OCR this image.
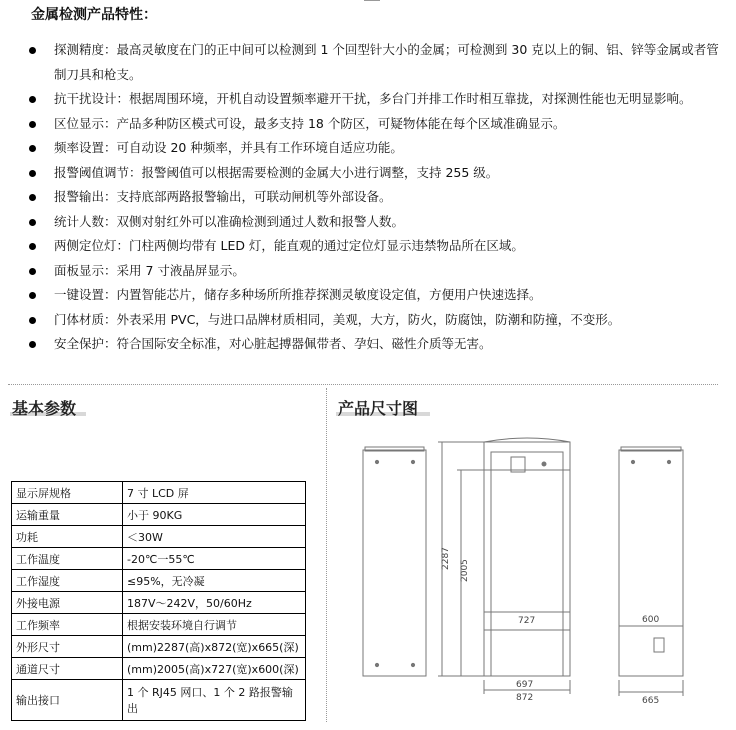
金属检测产品特性：
探测精度：最高灵敏度在门的正中间可以检测到 1 个回型针大小的金属；可检测到 30 克以上的铜、铝、锌等金属或者管制刀具和枪支。
抗干扰设计：根据周围环境，开机自动设置频率避开干扰，多台门并排工作时相互靠拢，对探测性能也无明显影响。
区位显示：产品多种防区模式可设，最多支持 18 个防区，可疑物体能在每个区域准确显示。
频率设置：可自动设 20 种频率，并具有工作环境自适应功能。
报警阈值调节：报警阈值可以根据需要检测的金属大小进行调整，支持 255 级。
报警输出：支持底部两路报警输出，可联动闸机等外部设备。
统计人数：双侧对射红外可以准确检测到通过人数和报警人数。
两侧定位灯：门柱两侧均带有 LED 灯，能直观的通过定位灯显示违禁物品所在区域。
面板显示：采用 7 寸液晶屏显示。
一键设置：内置智能芯片，储存多种场所所推荐探测灵敏度设定值，方便用户快速选择。
门体材质：外表采用 PVC，与进口品牌材质相同，美观，大方，防火，防腐蚀，防潮和防撞，不变形。
安全保护：符合国际安全标准，对心脏起搏器佩带者、孕妇、磁性介质等无害。
基本参数	产品尺寸图
显示屏规格	7 寸 LCD 屏
运输重量	小于 90KG
功耗	＜30W
工作温度	-20℃一55℃
工作湿度	≤95%，无冷凝
外接电源	187V～242V，50/60Hz
工作频率	根据安装环境自行调节
外形尺寸	(mm)2287(高)x872(宽)x665(深)
通道尺寸	(mm)2005(高)x727(宽)x600(深)
输出接口	1 个 RJ45 网口、1 个 2 路报警输出
2287
2005
727
697
872
600
665
